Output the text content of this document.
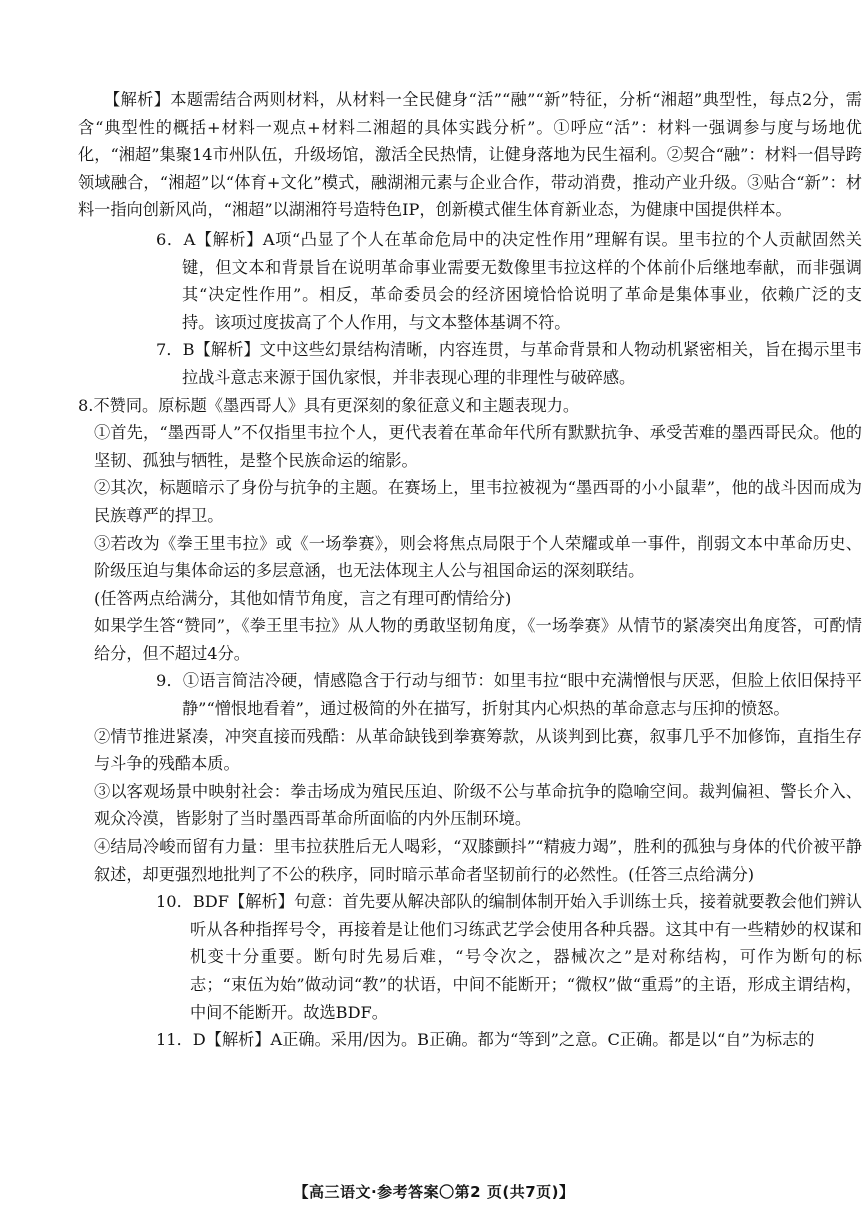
【解析】本题需结合两则材料，从材料一全民健身“活”“融”“新”特征，分析“湘超”典型性，每点2分，需含“典型性的概括+材料一观点+材料二湘超的具体实践分析”。①呼应“活”：材料一强调参与度与场地优化，“湘超”集聚14市州队伍，升级场馆，激活全民热情，让健身落地为民生福利。②契合“融”：材料一倡导跨领域融合，“湘超”以“体育+文化”模式，融湖湘元素与企业合作，带动消费，推动产业升级。③贴合“新”：材料一指向创新风尚，“湘超”以湖湘符号造特色IP，创新模式催生体育新业态，为健康中国提供样本。
6．A【解析】A项“凸显了个人在革命危局中的决定性作用”理解有误。里韦拉的个人贡献固然关键，但文本和背景旨在说明革命事业需要无数像里韦拉这样的个体前仆后继地奉献，而非强调其“决定性作用”。相反，革命委员会的经济困境恰恰说明了革命是集体事业，依赖广泛的支持。该项过度拔高了个人作用，与文本整体基调不符。
7．B【解析】文中这些幻景结构清晰，内容连贯，与革命背景和人物动机紧密相关，旨在揭示里韦拉战斗意志来源于国仇家恨，并非表现心理的非理性与破碎感。
8.不赞同。原标题《墨西哥人》具有更深刻的象征意义和主题表现力。
①首先，“墨西哥人”不仅指里韦拉个人，更代表着在革命年代所有默默抗争、承受苦难的墨西哥民众。他的坚韧、孤独与牺牲，是整个民族命运的缩影。
②其次，标题暗示了身份与抗争的主题。在赛场上，里韦拉被视为“墨西哥的小小鼠辈”，他的战斗因而成为民族尊严的捍卫。
③若改为《拳王里韦拉》或《一场拳赛》，则会将焦点局限于个人荣耀或单一事件，削弱文本中革命历史、阶级压迫与集体命运的多层意涵，也无法体现主人公与祖国命运的深刻联结。
(任答两点给满分，其他如情节角度，言之有理可酌情给分)
如果学生答“赞同”，《拳王里韦拉》从人物的勇敢坚韧角度，《一场拳赛》从情节的紧凑突出角度答，可酌情给分，但不超过4分。
9．①语言简洁冷硬，情感隐含于行动与细节：如里韦拉“眼中充满憎恨与厌恶，但脸上依旧保持平静”“憎恨地看着”，通过极简的外在描写，折射其内心炽热的革命意志与压抑的愤怒。
②情节推进紧凑，冲突直接而残酷：从革命缺钱到拳赛筹款，从谈判到比赛，叙事几乎不加修饰，直指生存与斗争的残酷本质。
③以客观场景中映射社会：拳击场成为殖民压迫、阶级不公与革命抗争的隐喻空间。裁判偏袒、警长介入、观众冷漠，皆影射了当时墨西哥革命所面临的内外压制环境。
④结局冷峻而留有力量：里韦拉获胜后无人喝彩，“双膝颤抖”“精疲力竭”，胜利的孤独与身体的代价被平静叙述，却更强烈地批判了不公的秩序，同时暗示革命者坚韧前行的必然性。(任答三点给满分)
10．BDF【解析】句意：首先要从解决部队的编制体制开始入手训练士兵，接着就要教会他们辨认听从各种指挥号令，再接着是让他们习练武艺学会使用各种兵器。这其中有一些精妙的权谋和机变十分重要。断句时先易后难，“号令次之，器械次之”是对称结构，可作为断句的标志；“束伍为始”做动词“教”的状语，中间不能断开；“微权”做“重焉”的主语，形成主谓结构，中间不能断开。故选BDF。
11．D【解析】A正确。采用/因为。B正确。都为“等到”之意。C正确。都是以“自”为标志的
【高三语文·参考答案〇第2 页(共7页)】
